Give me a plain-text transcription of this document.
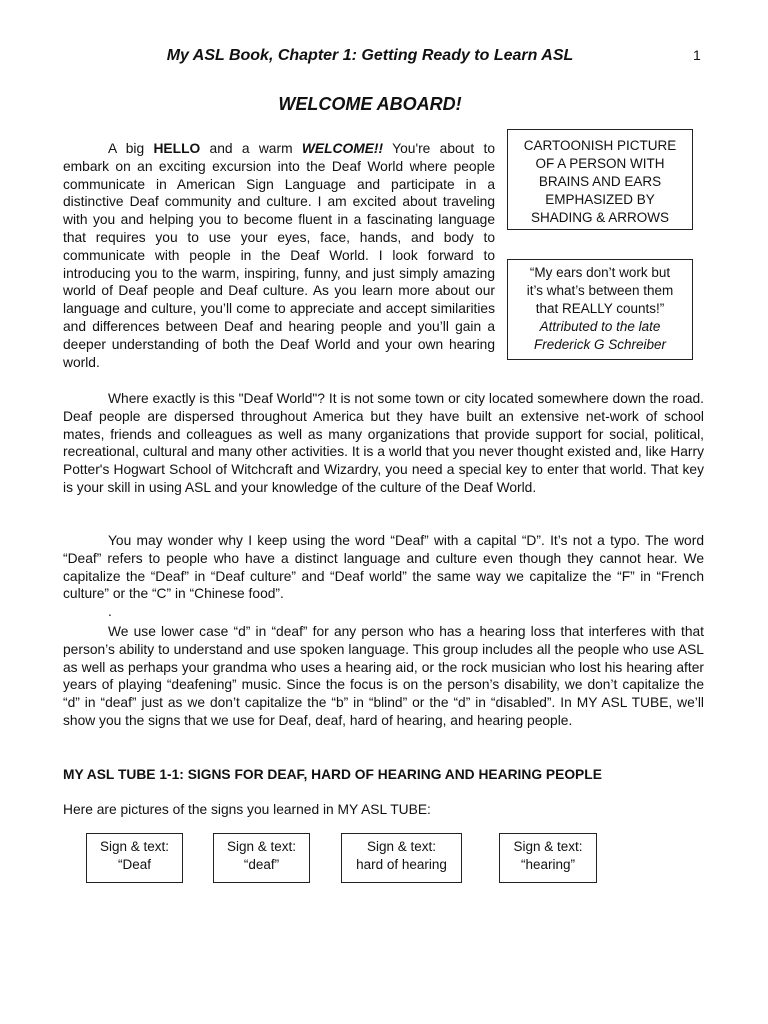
My ASL Book, Chapter 1: Getting Ready to Learn ASL	1
WELCOME ABOARD!

A big HELLO and a warm WELCOME!! You're about to embark on an exciting excursion into the Deaf World where people communicate in American Sign Language and participate in a distinctive Deaf community and culture. I am excited about traveling with you and helping you to become fluent in a fascinating language that requires you to use your eyes, face, hands, and body to communicate with people in the Deaf World. I look forward to introducing you to the warm, inspiring, funny, and just simply amazing world of Deaf people and Deaf culture. As you learn more about our language and culture, you’ll come to appreciate and accept similarities and differences between Deaf and hearing people and you’ll gain a deeper understanding of both the Deaf World and your own hearing world.

CARTOONISH PICTURE
OF A PERSON WITH
BRAINS AND EARS
EMPHASIZED BY
SHADING & ARROWS
“My ears don’t work but
it’s what’s between them
that REALLY counts!”
Attributed to the late
Frederick G Schreiber

Where exactly is this "Deaf World"? It is not some town or city located somewhere down the road. Deaf people are dispersed throughout America but they have built an extensive net-work of school mates, friends and colleagues as well as many organizations that provide support for social, political, recreational, cultural and many other activities. It is a world that you never thought existed and, like Harry Potter's Hogwart School of Witchcraft and Wizardry, you need a special key to enter that world. That key is your skill in using ASL and your knowledge of the culture of the Deaf World.

You may wonder why I keep using the word “Deaf” with a capital “D”. It’s not a typo. The word “Deaf” refers to people who have a distinct language and culture even though they cannot hear. We capitalize the “Deaf” in “Deaf culture” and “Deaf world” the same way we capitalize the “F” in “French culture” or the “C” in “Chinese food”.

.

We use lower case “d” in “deaf” for any person who has a hearing loss that interferes with that person’s ability to understand and use spoken language. This group includes all the people who use ASL as well as perhaps your grandma who uses a hearing aid, or the rock musician who lost his hearing after years of playing “deafening” music. Since the focus is on the person’s disability, we don’t capitalize the “d” in “deaf” just as we don’t capitalize the “b” in “blind” or the “d” in “disabled”. In MY ASL TUBE, we’ll show you the signs that we use for Deaf, deaf, hard of hearing, and hearing people.

MY ASL TUBE 1-1: SIGNS FOR DEAF, HARD OF HEARING AND HEARING PEOPLE
Here are pictures of the signs you learned in MY ASL TUBE:
Sign & text:
“Deaf
Sign & text:
“deaf”
Sign & text:
hard of hearing
Sign & text:
“hearing”
